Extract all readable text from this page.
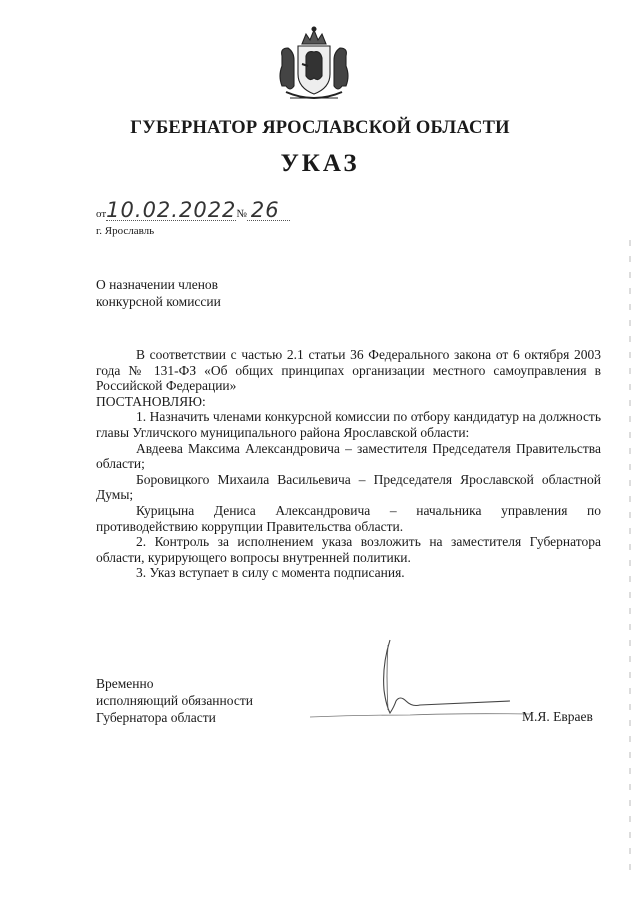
ГУБЕРНАТОР ЯРОСЛАВСКОЙ ОБЛАСТИ
УКАЗ
от10.02.2022№ 26
г. Ярославль
О назначении членов
конкурсной комиссии

В соответствии с частью 2.1 статьи 36 Федерального закона от 6 октября 2003 года № 131-ФЗ «Об общих принципах организации местного самоуправления в Российской Федерации»

ПОСТАНОВЛЯЮ:

1. Назначить членами конкурсной комиссии по отбору кандидатур на должность главы Угличского муниципального района Ярославской области:

Авдеева Максима Александровича – заместителя Председателя Правительства области;

Боровицкого Михаила Васильевича – Председателя Ярославской областной Думы;

Курицына Дениса Александровича – начальника управления по противодействию коррупции Правительства области.

2. Контроль за исполнением указа возложить на заместителя Губернатора области, курирующего вопросы внутренней политики.

3. Указ вступает в силу с момента подписания.

Временно
исполняющий обязанности
Губернатора области	М.Я. Евраев
